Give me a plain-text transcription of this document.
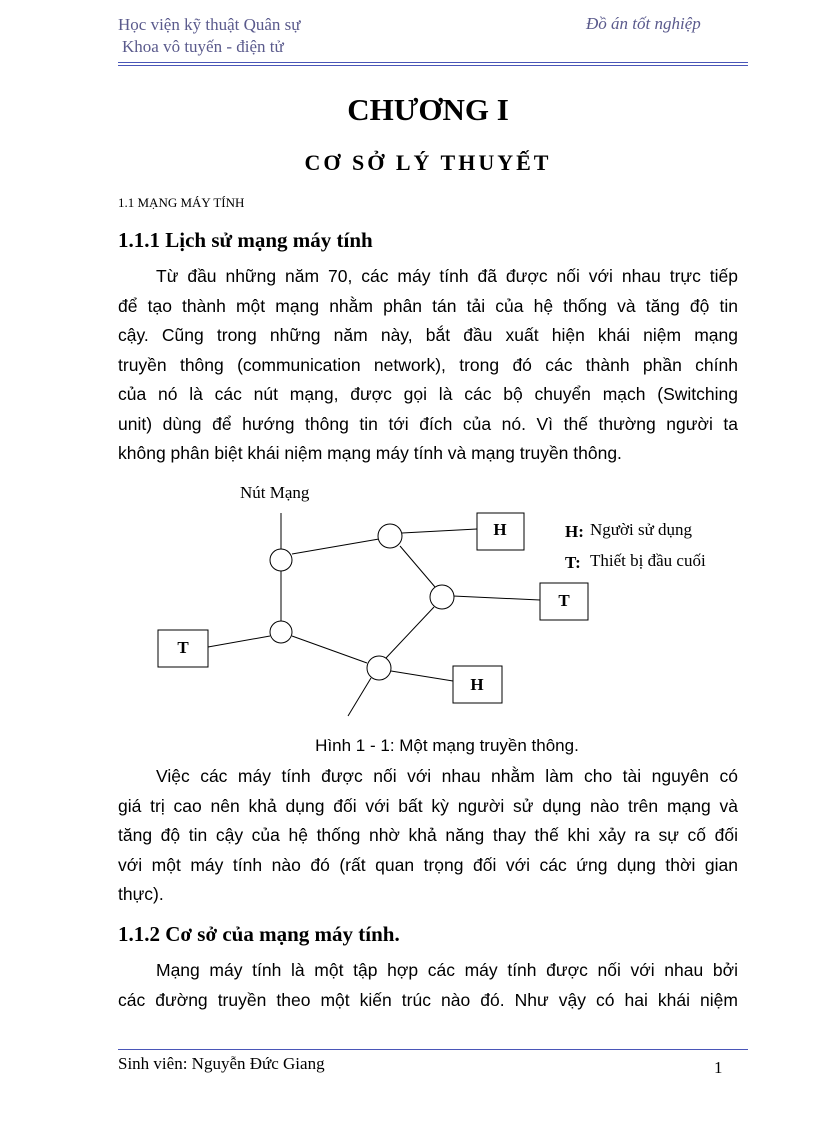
Học viện kỹ thuật Quân sự
Khoa vô tuyến - điện tử
Đồ án tốt nghiệp
CHƯƠNG I
CƠ SỞ LÝ THUYẾT
1.1 MẠNG MÁY TÍNH
1.1.1 Lịch sử mạng máy tính
Từ đầu những năm 70, các máy tính đã được nối với nhau trực tiếp
để tạo thành một mạng nhằm phân tán tải của hệ thống và tăng độ tin
cậy. Cũng trong những năm này, bắt đầu xuất hiện khái niệm mạng
truyền thông (communication network), trong đó các thành phần chính
của nó là các nút mạng, được gọi là các bộ chuyển mạch (Switching
unit) dùng để hướng thông tin tới đích của nó. Vì thế thường người ta
không phân biệt khái niệm mạng máy tính và mạng truyền thông.
H
T
T
H
Nút Mạng
H: Người sử dụng
T: Thiết bị đầu cuối
Hình 1 - 1: Một mạng truyền thông.
Việc các máy tính được nối với nhau nhằm làm cho tài nguyên có
giá trị cao nên khả dụng đối với bất kỳ người sử dụng nào trên mạng và
tăng độ tin cậy của hệ thống nhờ khả năng thay thế khi xảy ra sự cố đối
với một máy tính nào đó (rất quan trọng đối với các ứng dụng thời gian
thực).
1.1.2 Cơ sở của mạng máy tính.
Mạng máy tính là một tập hợp các máy tính được nối với nhau bởi
các đường truyền theo một kiến trúc nào đó. Như vậy có hai khái niệm
Sinh viên: Nguyễn Đức Giang	1
